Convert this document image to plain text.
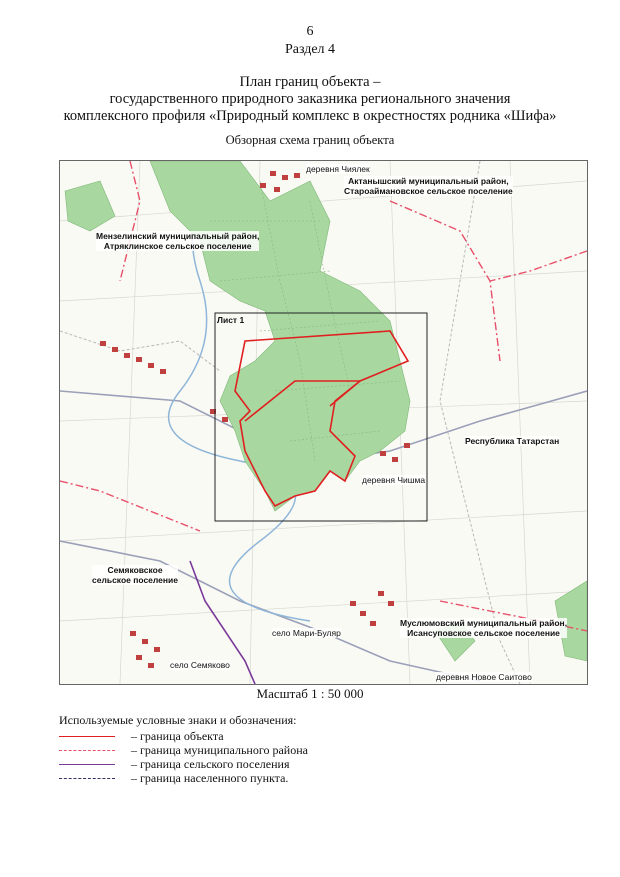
6
Раздел 4
План границ объекта –
государственного природного заказника регионального значения
комплексного профиля «Природный комплекс в окрестностях родника «Шифа»
Обзорная схема границ объекта
деревня Чиялек
Актанышский муниципальный район,
Староаймановское сельское поселение
Мензелинский муниципальный район,
Атряклинское сельское поселение
Лист 1
Республика Татарстан
деревня Чишма
Семяковское
сельское поселение
село Мари-Буляр
Муслюмовский муниципальный район,
Исансуповское сельское поселение
село Семяково
деревня Новое Саитово
Масштаб 1 : 50 000
Используемые условные знаки и обозначения:
– граница объекта
– граница муниципального района
– граница сельского поселения
– граница населенного пункта.
